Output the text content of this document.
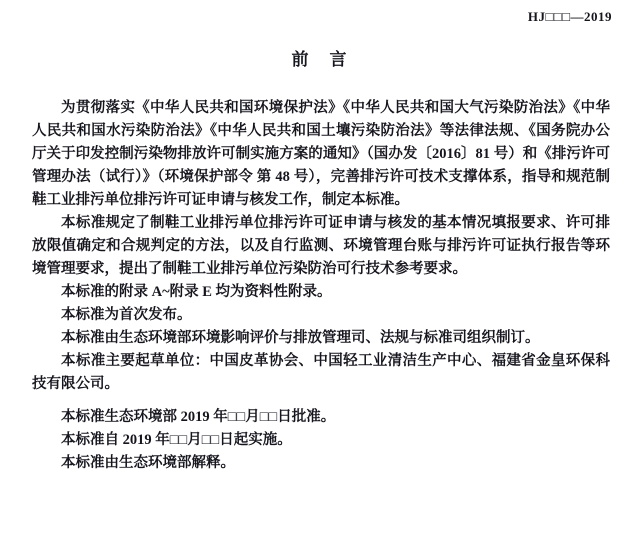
HJ□□□—2019
前　言

为贯彻落实《中华人民共和国环境保护法》《中华人民共和国大气污染防治法》《中华人民共和国水污染防治法》《中华人民共和国土壤污染防治法》等法律法规、《国务院办公厅关于印发控制污染物排放许可制实施方案的通知》（国办发〔2016〕81 号）和《排污许可管理办法（试行）》（环境保护部令 第 48 号），完善排污许可技术支撑体系，指导和规范制鞋工业排污单位排污许可证申请与核发工作，制定本标准。

本标准规定了制鞋工业排污单位排污许可证申请与核发的基本情况填报要求、许可排放限值确定和合规判定的方法，以及自行监测、环境管理台账与排污许可证执行报告等环境管理要求，提出了制鞋工业排污单位污染防治可行技术参考要求。

本标准的附录 A~附录 E 均为资料性附录。

本标准为首次发布。

本标准由生态环境部环境影响评价与排放管理司、法规与标准司组织制订。

本标准主要起草单位：中国皮革协会、中国轻工业清洁生产中心、福建省金皇环保科技有限公司。

本标准生态环境部 2019 年□□月□□日批准。

本标准自 2019 年□□月□□日起实施。

本标准由生态环境部解释。
